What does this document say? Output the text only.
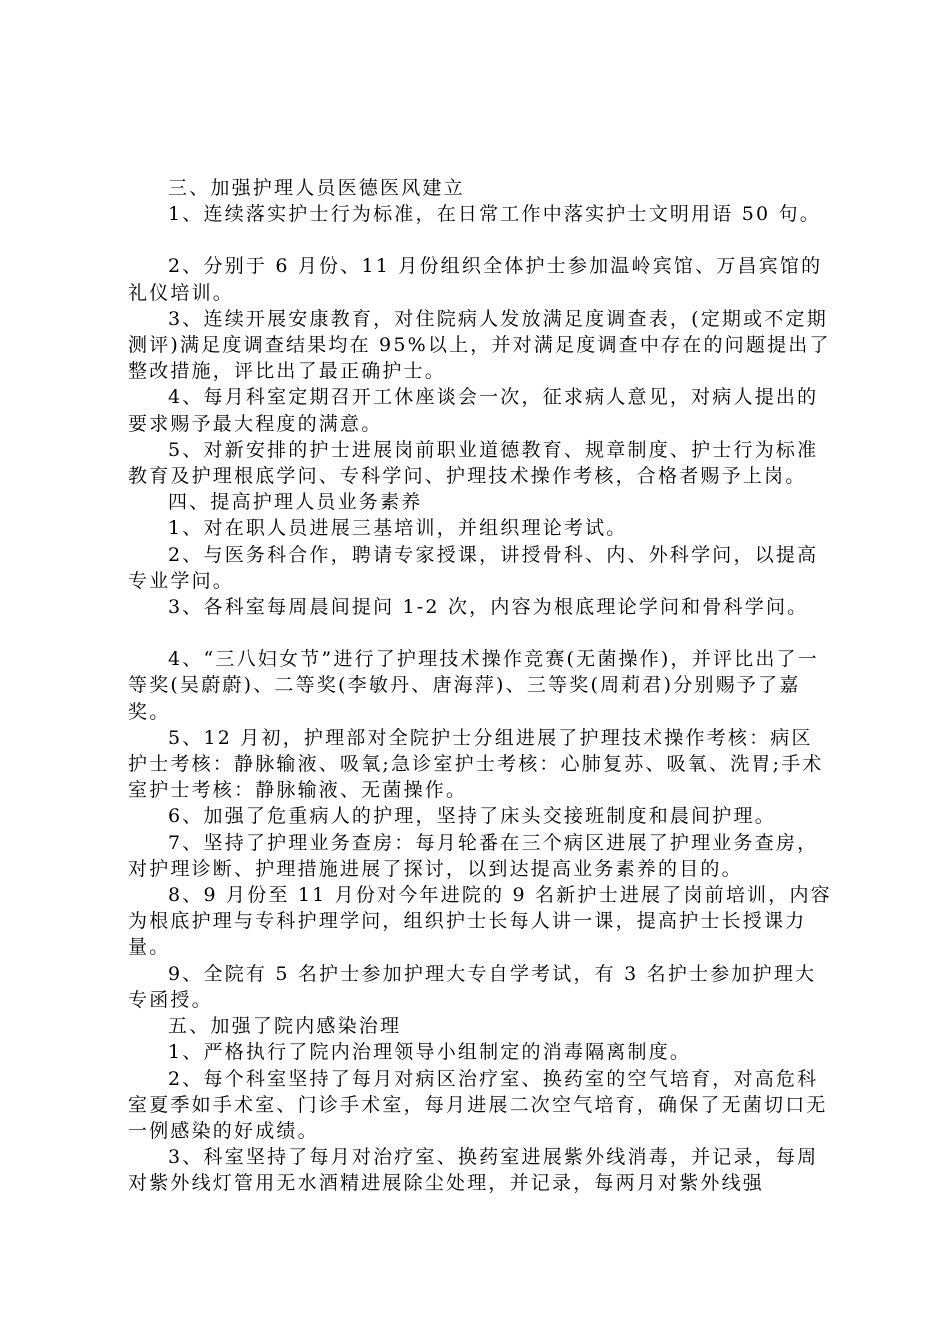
三、加强护理人员医德医风建立

1、连续落实护士行为标准，在日常工作中落实护士文明用语 50 句。

2、分别于 6 月份、11 月份组织全体护士参加温岭宾馆、万昌宾馆的礼仪培训。

3、连续开展安康教育，对住院病人发放满足度调查表，(定期或不定期测评)满足度调查结果均在 95%以上，并对满足度调查中存在的问题提出了整改措施，评比出了最正确护士。

4、每月科室定期召开工休座谈会一次，征求病人意见，对病人提出的要求赐予最大程度的满意。

5、对新安排的护士进展岗前职业道德教育、规章制度、护士行为标准教育及护理根底学问、专科学问、护理技术操作考核，合格者赐予上岗。

四、提高护理人员业务素养

1、对在职人员进展三基培训，并组织理论考试。

2、与医务科合作，聘请专家授课，讲授骨科、内、外科学问，以提高专业学问。

3、各科室每周晨间提问 1-2 次，内容为根底理论学问和骨科学问。

4、“三八妇女节”进行了护理技术操作竞赛(无菌操作)，并评比出了一等奖(吴蔚蔚)、二等奖(李敏丹、唐海萍)、三等奖(周莉君)分别赐予了嘉奖。

5、12 月初，护理部对全院护士分组进展了护理技术操作考核：病区护士考核：静脉输液、吸氧;急诊室护士考核：心肺复苏、吸氧、洗胃;手术室护士考核：静脉输液、无菌操作。

6、加强了危重病人的护理，坚持了床头交接班制度和晨间护理。

7、坚持了护理业务查房：每月轮番在三个病区进展了护理业务查房，对护理诊断、护理措施进展了探讨，以到达提高业务素养的目的。

8、9 月份至 11 月份对今年进院的 9 名新护士进展了岗前培训，内容为根底护理与专科护理学问，组织护士长每人讲一课，提高护士长授课力量。

9、全院有 5 名护士参加护理大专自学考试，有 3 名护士参加护理大专函授。

五、加强了院内感染治理

1、严格执行了院内治理领导小组制定的消毒隔离制度。

2、每个科室坚持了每月对病区治疗室、换药室的空气培育，对高危科室夏季如手术室、门诊手术室，每月进展二次空气培育，确保了无菌切口无一例感染的好成绩。

3、科室坚持了每月对治疗室、换药室进展紫外线消毒，并记录，每周对紫外线灯管用无水酒精进展除尘处理，并记录，每两月对紫外线强
